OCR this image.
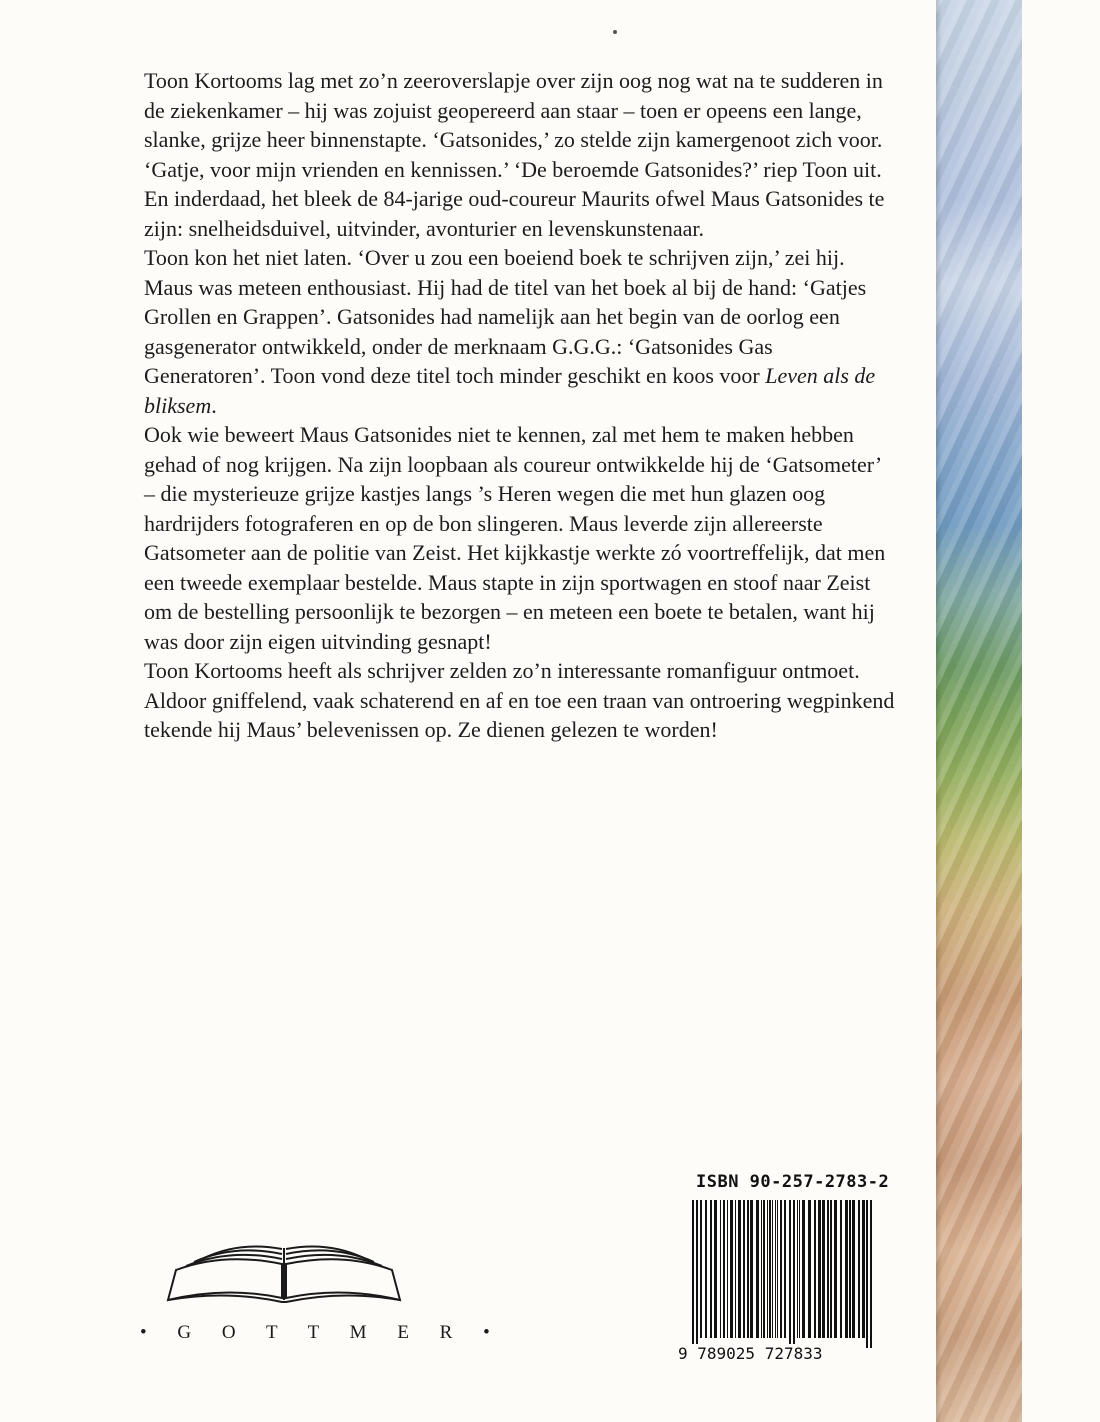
Toon Kortooms lag met zo’n zeeroverslapje over zijn oog nog wat na te sudderen in de ziekenkamer – hij was zojuist geopereerd aan staar – toen er opeens een lange, slanke, grijze heer binnenstapte. ‘Gatsonides,’ zo stelde zijn kamergenoot zich voor. ‘Gatje, voor mijn vrienden en kennissen.’ ‘De beroemde Gatsonides?’ riep Toon uit. En inderdaad, het bleek de 84-jarige oud-coureur Maurits ofwel Maus Gatsonides te zijn: snelheidsduivel, uitvinder, avonturier en levenskunstenaar.

Toon kon het niet laten. ‘Over u zou een boeiend boek te schrijven zijn,’ zei hij. Maus was meteen enthousiast. Hij had de titel van het boek al bij de hand: ‘Gatjes Grollen en Grappen’. Gatsonides had namelijk aan het begin van de oorlog een gasgenerator ontwikkeld, onder de merknaam G.G.G.: ‘Gatsonides Gas Generatoren’. Toon vond deze titel toch minder geschikt en koos voor Leven als de bliksem.

Ook wie beweert Maus Gatsonides niet te kennen, zal met hem te maken hebben gehad of nog krijgen. Na zijn loopbaan als coureur ontwikkelde hij de ‘Gatsometer’ – die mysterieuze grijze kastjes langs ’s Heren wegen die met hun glazen oog hardrijders fotograferen en op de bon slingeren. Maus leverde zijn allereerste Gatsometer aan de politie van Zeist. Het kijkkastje werkte zó voortreffelijk, dat men een tweede exemplaar bestelde. Maus stapte in zijn sportwagen en stoof naar Zeist om de bestelling persoonlijk te bezorgen – en meteen een boete te betalen, want hij was door zijn eigen uitvinding gesnapt!

Toon Kortooms heeft als schrijver zelden zo’n interessante romanfiguur ontmoet. Aldoor gniffelend, vaak schaterend en af en toe een traan van ontroering wegpinkend tekende hij Maus’ belevenissen op. Ze dienen gelezen te worden!

• G O T T M E R •
ISBN 90-257-2783-2
9 789025 727833
